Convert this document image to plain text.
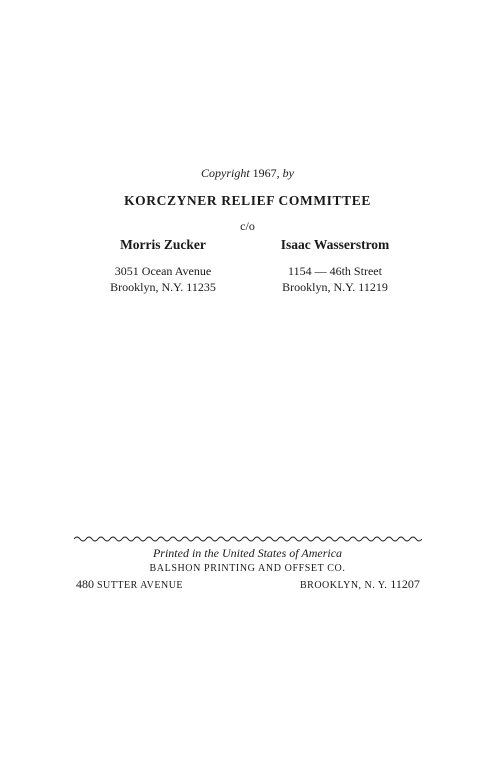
Copyright 1967, by
KORCZYNER RELIEF COMMITTEE
c/o
Morris Zucker
3051 Ocean Avenue
Brooklyn, N.Y. 11235
Isaac Wasserstrom
1154 — 46th Street
Brooklyn, N.Y. 11219
Printed in the United States of America
BALSHON PRINTING AND OFFSET CO.
480 SUTTER AVENUE	BROOKLYN, N. Y. 11207
